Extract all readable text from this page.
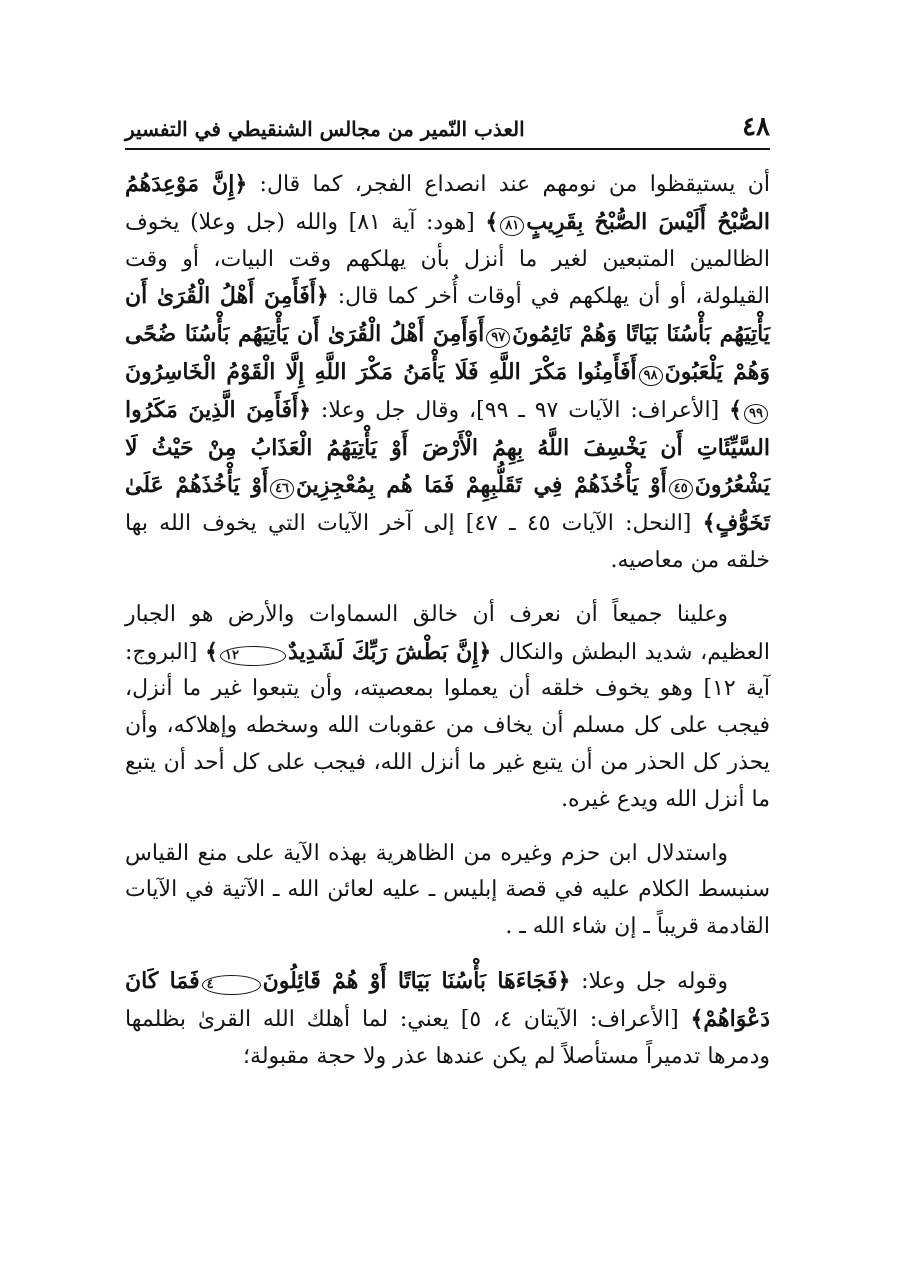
٤٨
العذب النّمير من مجالس الشنقيطي في التفسير

أن يستيقظوا من نومهم عند انصداع الفجر، كما قال: ﴿إِنَّ مَوْعِدَهُمُ الصُّبْحُ أَلَيْسَ الصُّبْحُ بِقَرِيبٍ٨١﴾ [هود: آية ٨١] والله (جل وعلا) يخوف الظالمين المتبعين لغير ما أنزل بأن يهلكهم وقت البيات، أو وقت القيلولة، أو أن يهلكهم في أوقات أُخر كما قال: ﴿أَفَأَمِنَ أَهْلُ الْقُرَىٰ أَن يَأْتِيَهُم بَأْسُنَا بَيَاتًا وَهُمْ نَائِمُونَ٩٧أَوَأَمِنَ أَهْلُ الْقُرَىٰ أَن يَأْتِيَهُم بَأْسُنَا ضُحًى وَهُمْ يَلْعَبُونَ٩٨أَفَأَمِنُوا مَكْرَ اللَّهِ فَلَا يَأْمَنُ مَكْرَ اللَّهِ إِلَّا الْقَوْمُ الْخَاسِرُونَ٩٩﴾ [الأعراف: الآيات ٩٧ ـ ٩٩]، وقال جل وعلا: ﴿أَفَأَمِنَ الَّذِينَ مَكَرُوا السَّيِّئَاتِ أَن يَخْسِفَ اللَّهُ بِهِمُ الْأَرْضَ أَوْ يَأْتِيَهُمُ الْعَذَابُ مِنْ حَيْثُ لَا يَشْعُرُونَ٤٥أَوْ يَأْخُذَهُمْ فِي تَقَلُّبِهِمْ فَمَا هُم بِمُعْجِزِينَ٤٦أَوْ يَأْخُذَهُمْ عَلَىٰ تَخَوُّفٍ﴾ [النحل: الآيات ٤٥ ـ ٤٧] إلى آخر الآيات التي يخوف الله بها خلقه من معاصيه.

وعلينا جميعاً أن نعرف أن خالق السماوات والأرض هو الجبار العظيم، شديد البطش والنكال ﴿إِنَّ بَطْشَ رَبِّكَ لَشَدِيدٌ١٢﴾ [البروج: آية ١٢] وهو يخوف خلقه أن يعملوا بمعصيته، وأن يتبعوا غير ما أنزل، فيجب على كل مسلم أن يخاف من عقوبات الله وسخطه وإهلاكه، وأن يحذر كل الحذر من أن يتبع غير ما أنزل الله، فيجب على كل أحد أن يتبع ما أنزل الله ويدع غيره.

واستدلال ابن حزم وغيره من الظاهرية بهذه الآية على منع القياس سنبسط الكلام عليه في قصة إبليس ـ عليه لعائن الله ـ الآتية في الآيات القادمة قريباً ـ إن شاء الله ـ .

وقوله جل وعلا: ﴿فَجَاءَهَا بَأْسُنَا بَيَاتًا أَوْ هُمْ قَائِلُونَ٤فَمَا كَانَ دَعْوَاهُمْ﴾ [الأعراف: الآيتان ٤، ٥] يعني: لما أهلك الله القرىٰ بظلمها ودمرها تدميراً مستأصلاً لم يكن عندها عذر ولا حجة مقبولة؛
